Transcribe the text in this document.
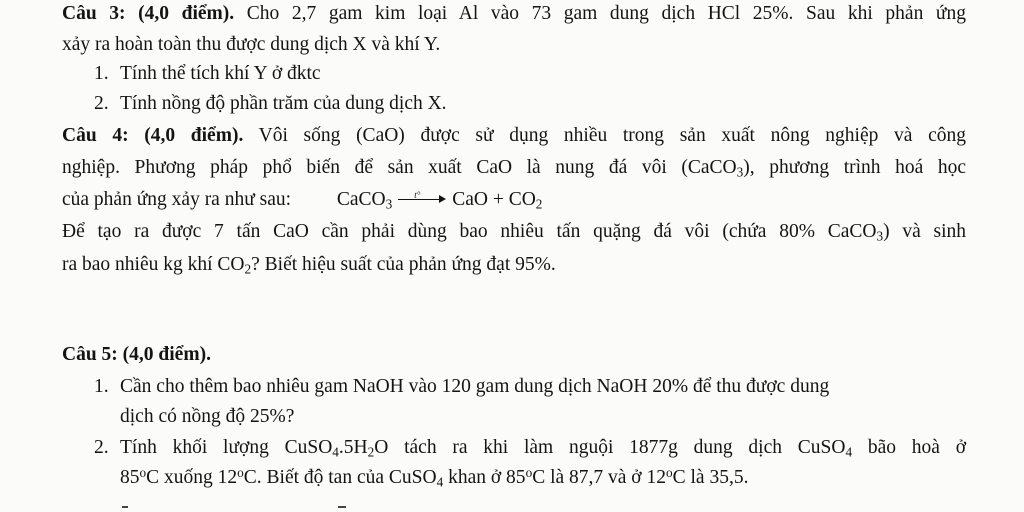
Câu 3: (4,0 điểm). Cho 2,7 gam kim loại Al vào 73 gam dung dịch HCl 25%. Sau khi phản ứng
xảy ra hoàn toàn thu được dung dịch X và khí Y.
1. Tính thể tích khí Y ở đktc
2. Tính nồng độ phần trăm của dung dịch X.
Câu 4: (4,0 điểm). Vôi sống (CaO) được sử dụng nhiều trong sản xuất nông nghiệp và công
nghiệp. Phương pháp phổ biến để sản xuất CaO là nung đá vôi (CaCO$_3$), phương trình hoá học
của phản ứng xảy ra như sau: CaCO$_3$
t° CaO + $CO_2$
Để tạo ra được 7 tấn CaO cần phải dùng bao nhiêu tấn quặng đá vôi (chứa 80% CaCO$_3$) và sinh
ra bao nhiêu kg khí $CO_2$? Biết hiệu suất của phản ứng đạt 95%.
Câu 5: (4,0 điểm).
1. Cần cho thêm bao nhiêu gam NaOH vào 120 gam dung dịch NaOH 20% để thu được dung
dịch có nồng độ 25%?
2. Tính khối lượng $CuSO_4.5H_2O$ tách ra khi làm nguội 1877g dung dịch CuSO$_4$ bão hoà ở
85$^o$C xuống 12$^o$C. Biết độ tan của CuSO$_4$ khan ở 85$^o$C là 87,7 và ở 12$^o$C là 35,5.
